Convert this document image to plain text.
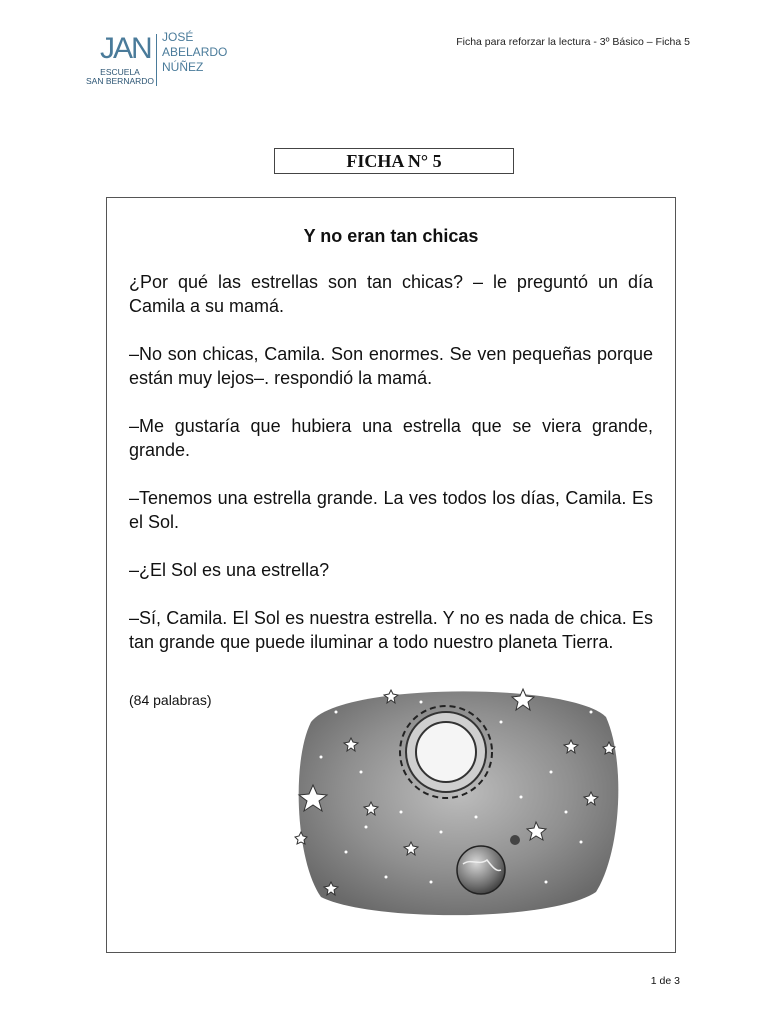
JAN
ESCUELA
SAN BERNARDO
JOSÉ
ABELARDO
NÚÑEZ
Ficha para reforzar la lectura - 3º Básico – Ficha 5
FICHA N° 5
Y no eran tan chicas

¿Por qué las estrellas son tan chicas? – le preguntó un día Camila a su mamá.

–No son chicas, Camila. Son enormes. Se ven pequeñas porque están muy lejos–. respondió la mamá.

–Me gustaría que hubiera una estrella que se viera grande, grande.

–Tenemos una estrella grande. La ves todos los días, Camila. Es el Sol.

–¿El Sol es una estrella?

–Sí, Camila. El Sol es nuestra estrella. Y no es nada de chica. Es tan grande que puede iluminar a todo nuestro planeta Tierra.

(84 palabras)
1 de 3
